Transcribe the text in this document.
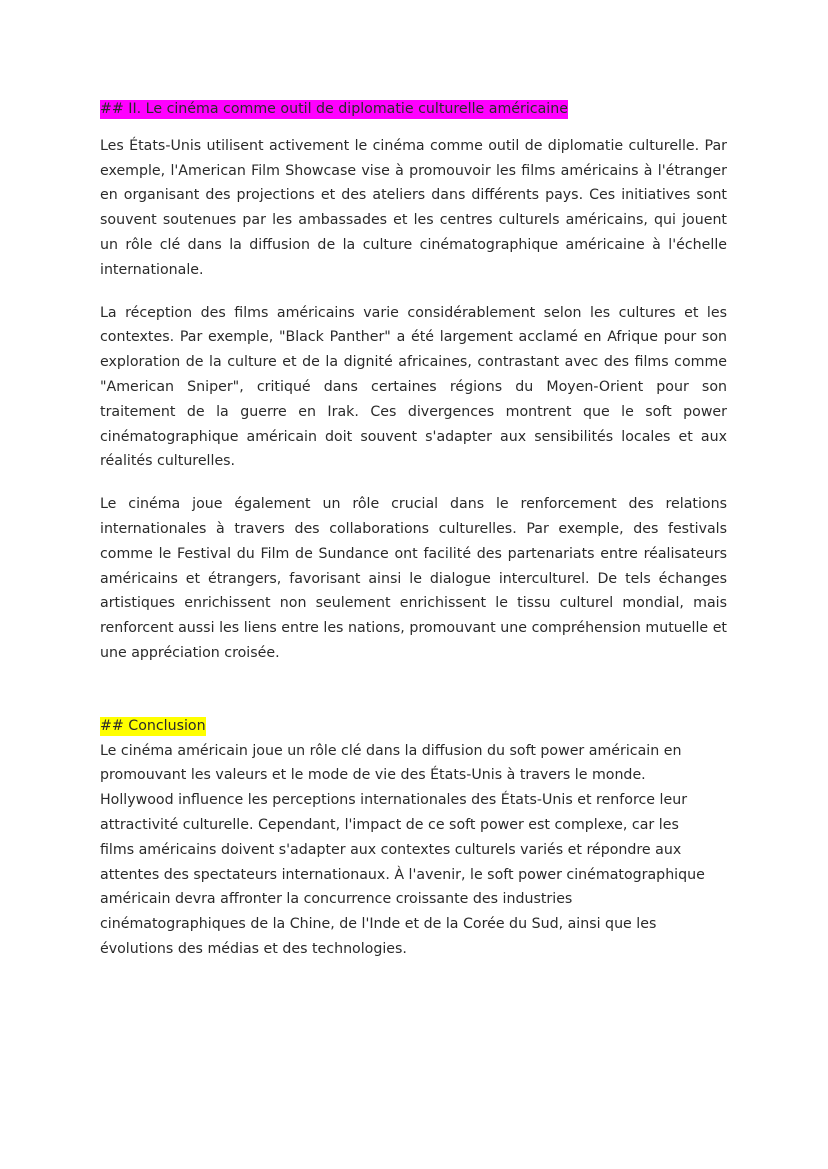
## II. Le cinéma comme outil de diplomatie culturelle américaine

Les États-Unis utilisent activement le cinéma comme outil de diplomatie culturelle. Par exemple, l'American Film Showcase vise à promouvoir les films américains à l'étranger en organisant des projections et des ateliers dans différents pays. Ces initiatives sont souvent soutenues par les ambassades et les centres culturels américains, qui jouent un rôle clé dans la diffusion de la culture cinématographique américaine à l'échelle internationale.

La réception des films américains varie considérablement selon les cultures et les contextes. Par exemple, "Black Panther" a été largement acclamé en Afrique pour son exploration de la culture et de la dignité africaines, contrastant avec des films comme "American Sniper", critiqué dans certaines régions du Moyen-Orient pour son traitement de la guerre en Irak. Ces divergences montrent que le soft power cinématographique américain doit souvent s'adapter aux sensibilités locales et aux réalités culturelles.

Le cinéma joue également un rôle crucial dans le renforcement des relations internationales à travers des collaborations culturelles. Par exemple, des festivals comme le Festival du Film de Sundance ont facilité des partenariats entre réalisateurs américains et étrangers, favorisant ainsi le dialogue interculturel. De tels échanges artistiques enrichissent non seulement enrichissent le tissu culturel mondial, mais renforcent aussi les liens entre les nations, promouvant une compréhension mutuelle et une appréciation croisée.

## Conclusion

Le cinéma américain joue un rôle clé dans la diffusion du soft power américain en
promouvant les valeurs et le mode de vie des États-Unis à travers le monde.
Hollywood influence les perceptions internationales des États-Unis et renforce leur
attractivité culturelle. Cependant, l'impact de ce soft power est complexe, car les
films américains doivent s'adapter aux contextes culturels variés et répondre aux
attentes des spectateurs internationaux. À l'avenir, le soft power cinématographique
américain devra affronter la concurrence croissante des industries
cinématographiques de la Chine, de l'Inde et de la Corée du Sud, ainsi que les
évolutions des médias et des technologies.
